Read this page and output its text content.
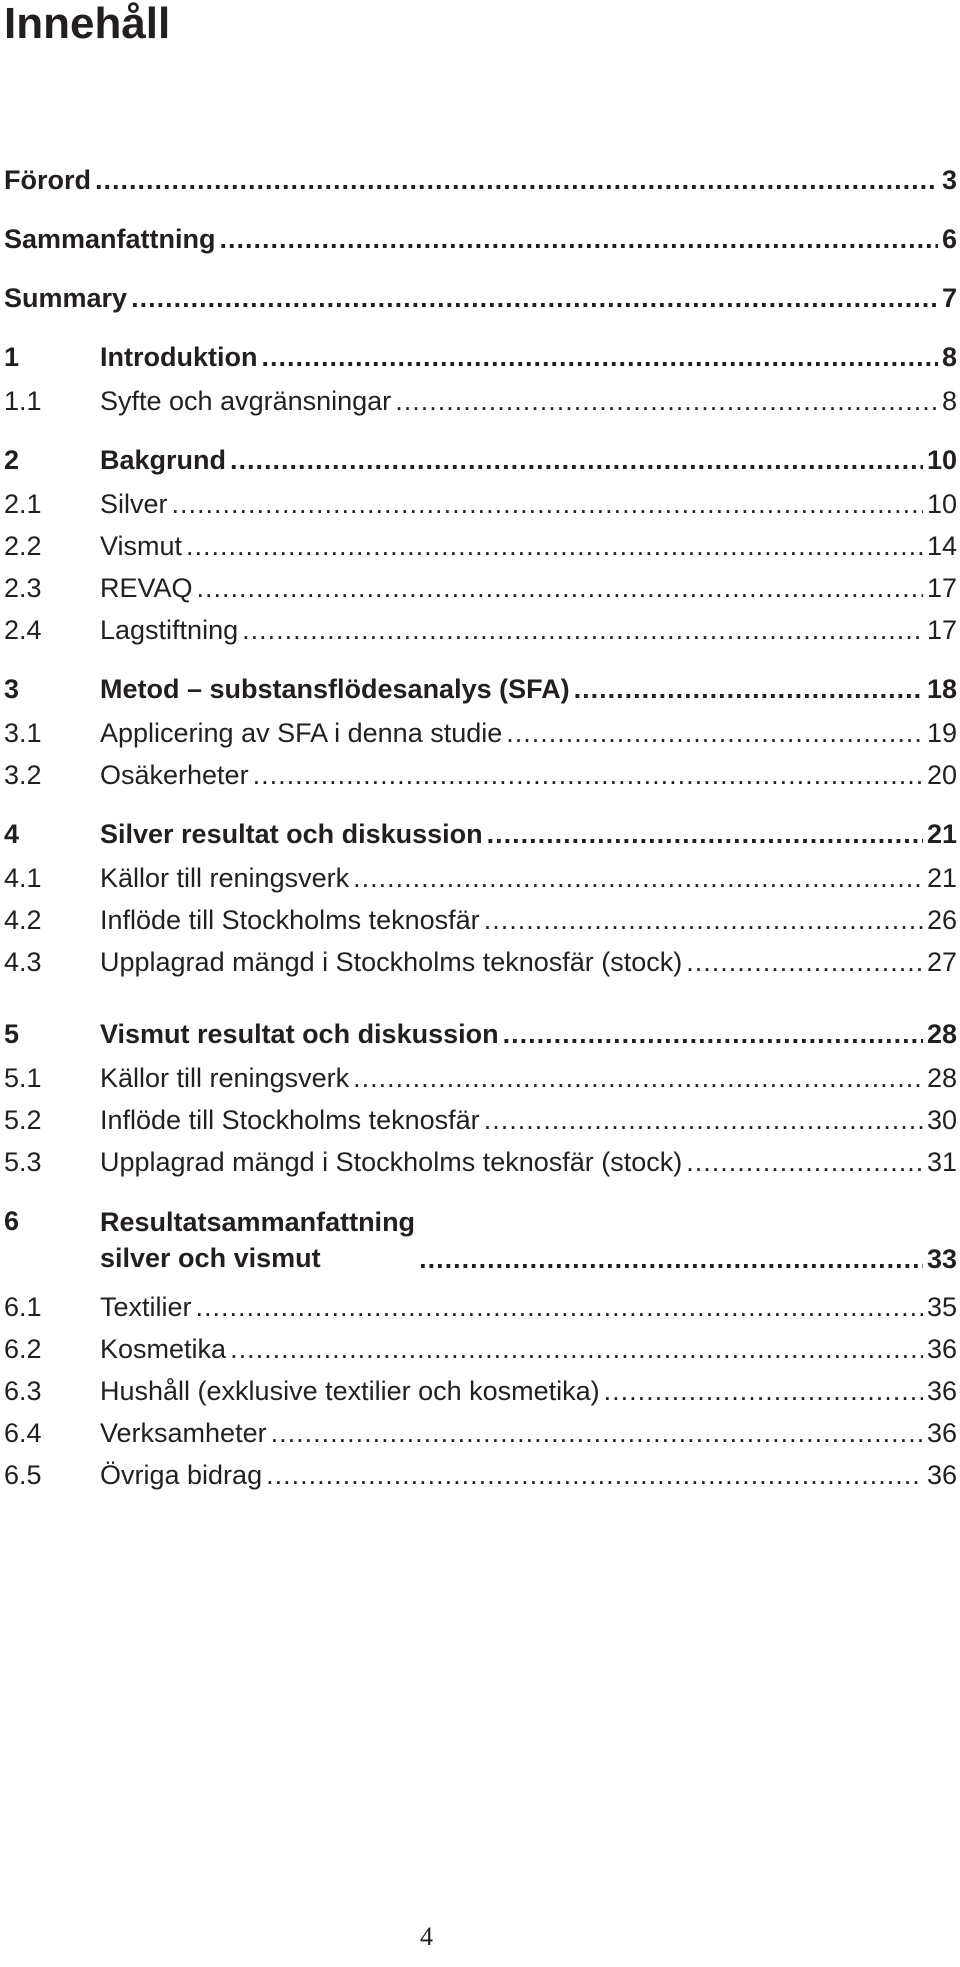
Innehåll
Förord .....	3
Sammanfattning .....	6
Summary .....	7
1	Introduktion .....	8
1.1	Syfte och avgränsningar .....	8
2	Bakgrund .....	10
2.1	Silver .....	10
2.2	Vismut .....	14
2.3	REVAQ .....	17
2.4	Lagstiftning .....	17
3	Metod – substansflödesanalys (SFA) .....	18
3.1	Applicering av SFA i denna studie .....	19
3.2	Osäkerheter .....	20
4	Silver resultat och diskussion .....	21
4.1	Källor till reningsverk .....	21
4.2	Inflöde till Stockholms teknosfär .....	26
4.3	Upplagrad mängd i Stockholms teknosfär (stock) .....	27
5	Vismut resultat och diskussion .....	28
5.1	Källor till reningsverk .....	28
5.2	Inflöde till Stockholms teknosfär .....	30
5.3	Upplagrad mängd i Stockholms teknosfär (stock) .....	31
6	Resultatsammanfattning
silver och vismut .....	33
6.1	Textilier .....	35
6.2	Kosmetika .....	36
6.3	Hushåll (exklusive textilier och kosmetika) .....	36
6.4	Verksamheter .....	36
6.5	Övriga bidrag .....	36
4
